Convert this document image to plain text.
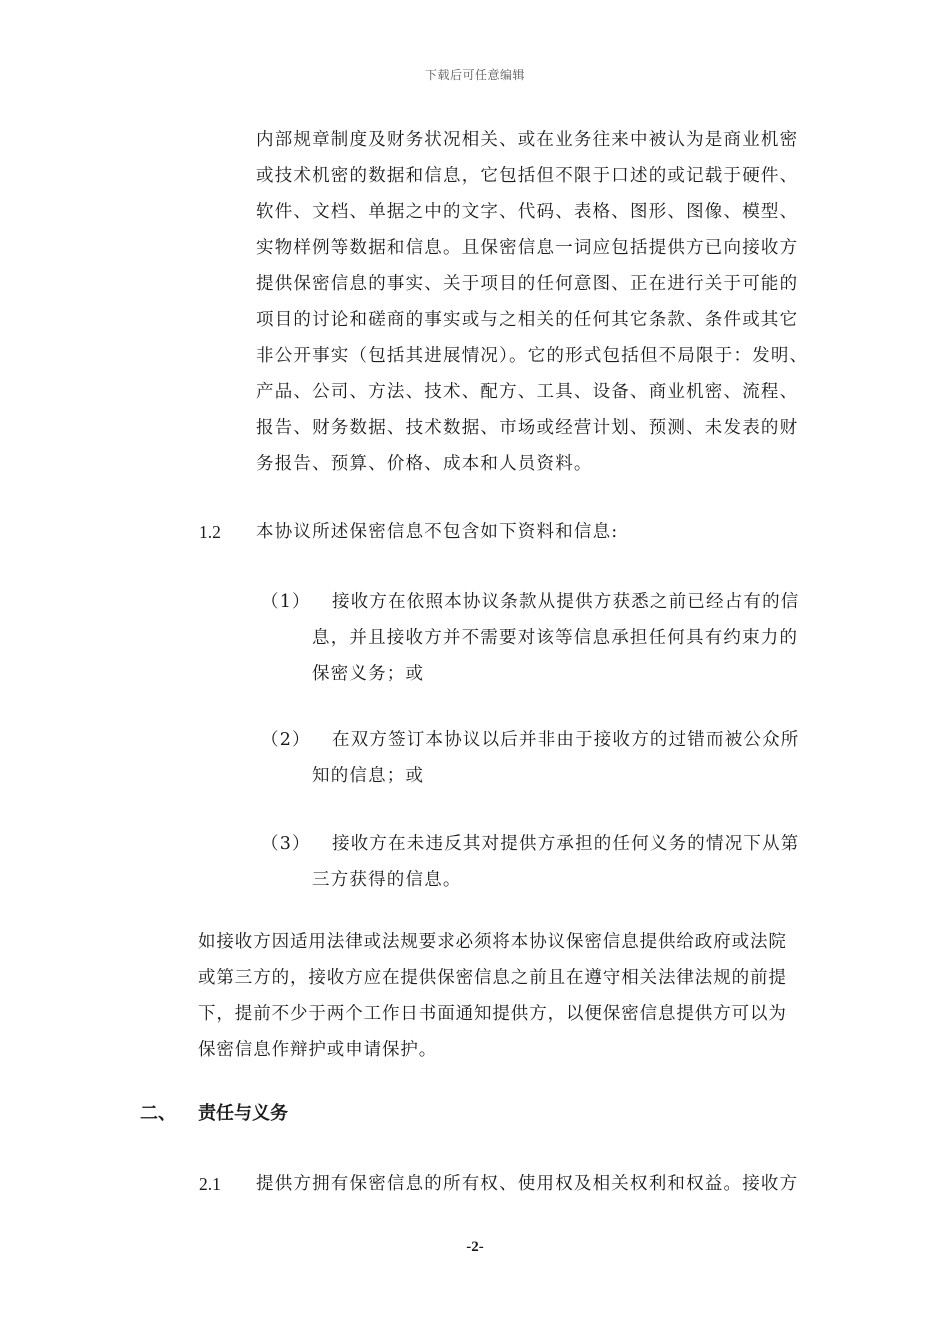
下载后可任意编辑
内部规章制度及财务状况相关、或在业务往来中被认为是商业机密
或技术机密的数据和信息，它包括但不限于口述的或记载于硬件、
软件、文档、单据之中的文字、代码、表格、图形、图像、模型、
实物样例等数据和信息。且保密信息一词应包括提供方已向接收方
提供保密信息的事实、关于项目的任何意图、正在进行关于可能的
项目的讨论和磋商的事实或与之相关的任何其它条款、条件或其它
非公开事实（包括其进展情况）。它的形式包括但不局限于：发明、
产品、公司、方法、技术、配方、工具、设备、商业机密、流程、
报告、财务数据、技术数据、市场或经营计划、预测、未发表的财
务报告、预算、价格、成本和人员资料。
1.2 本协议所述保密信息不包含如下资料和信息:
（1） 接收方在依照本协议条款从提供方获悉之前已经占有的信
息，并且接收方并不需要对该等信息承担任何具有约束力的
保密义务；或
（2） 在双方签订本协议以后并非由于接收方的过错而被公众所
知的信息；或
（3） 接收方在未违反其对提供方承担的任何义务的情况下从第
三方获得的信息。
如接收方因适用法律或法规要求必须将本协议保密信息提供给政府或法院
或第三方的，接收方应在提供保密信息之前且在遵守相关法律法规的前提
下，提前不少于两个工作日书面通知提供方，以便保密信息提供方可以为
保密信息作辩护或申请保护。
二、 责任与义务
2.1 提供方拥有保密信息的所有权、使用权及相关权利和权益。接收方
-2-
